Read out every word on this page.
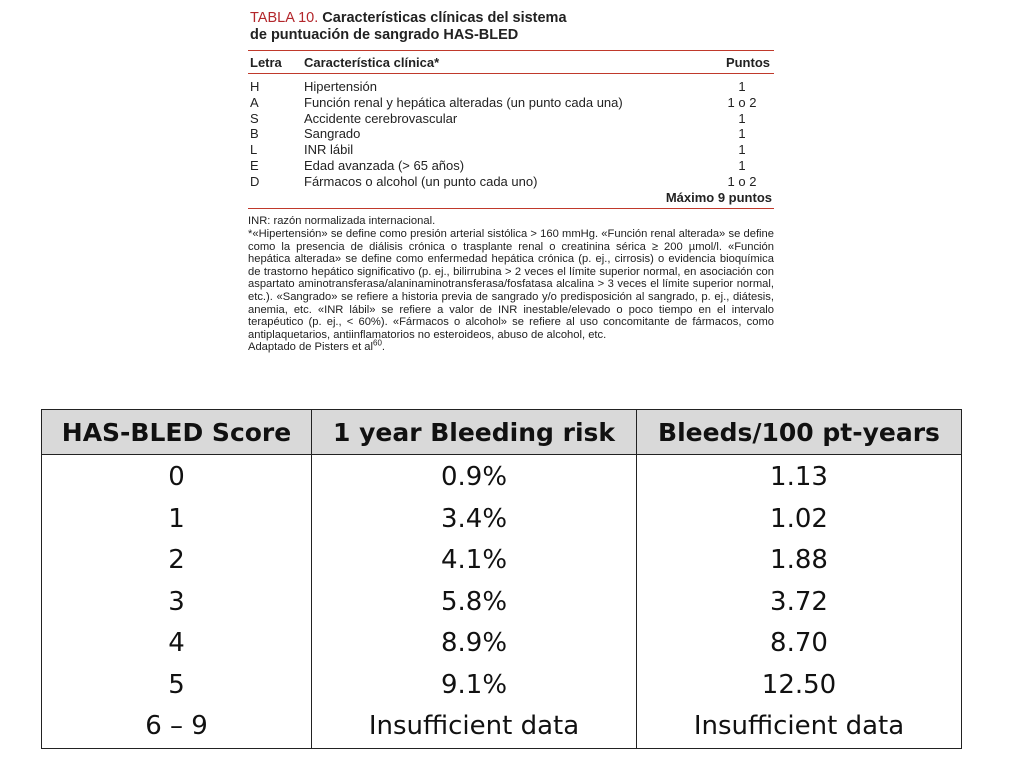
TABLA 10. Características clínicas del sistema
de puntuación de sangrado HAS-BLED
Letra	Característica clínica*	Puntos

H	Hipertensión	1
A	Función renal y hepática alteradas (un punto cada una)	1 o 2
S	Accidente cerebrovascular	1
B	Sangrado	1
L	INR lábil	1
E	Edad avanzada (> 65 años)	1
D	Fármacos o alcohol (un punto cada uno)	1 o 2
Máximo 9 puntos		
INR: razón normalizada internacional.
*«Hipertensión» se define como presión arterial sistólica > 160 mmHg. «Función renal alterada» se define como la presencia de diálisis crónica o trasplante renal o creatinina sérica ≥ 200 µmol/l. «Función hepática alterada» se define como enfermedad hepática crónica (p. ej., cirrosis) o evidencia bioquímica de trastorno hepático significativo (p. ej., bilirrubina > 2 veces el límite superior normal, en asociación con aspartato aminotransferasa/alaninaminotransferasa/fosfatasa alcalina > 3 veces el límite superior normal, etc.). «Sangrado» se refiere a historia previa de sangrado y/o predisposición al sangrado, p. ej., diátesis, anemia, etc. «INR lábil» se refiere a valor de INR inestable/elevado o poco tiempo en el intervalo terapéutico (p. ej., < 60%). «Fármacos o alcohol» se refiere al uso concomitante de fármacos, como antiplaquetarios, antiinflamatorios no esteroideos, abuso de alcohol, etc.
Adaptado de Pisters et $al^{60}$.
HAS-BLED Score	1 year Bleeding risk	Bleeds/100 pt-years
0	0.9%	1.13
1	3.4%	1.02
2	4.1%	1.88
3	5.8%	3.72
4	8.9%	8.70
5	9.1%	12.50
6 – 9	Insufficient data	Insufficient data
